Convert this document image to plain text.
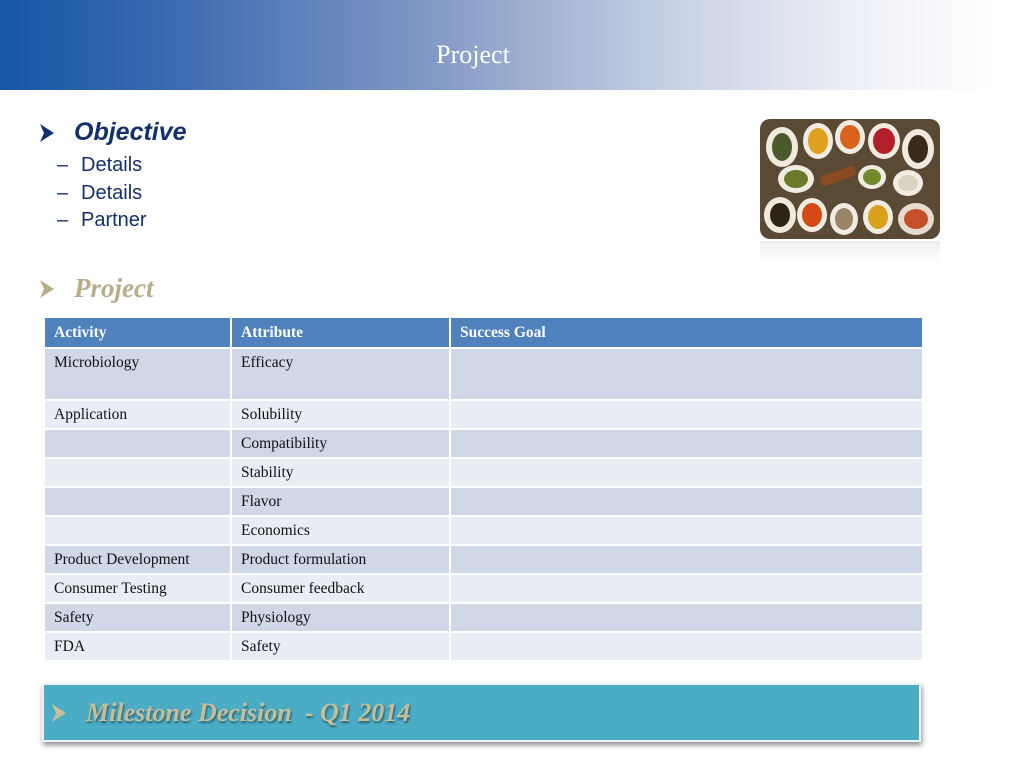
Project
Objective
– Details
– Details
– Partner
Project
Activity	Attribute	Success Goal
Microbiology	Efficacy	
Application	Solubility	
	Compatibility	
	Stability	
	Flavor	
	Economics	
Product Development	Product formulation	
Consumer Testing	Consumer feedback	
Safety	Physiology	
FDA	Safety	
Milestone Decision  - Q1 2014
